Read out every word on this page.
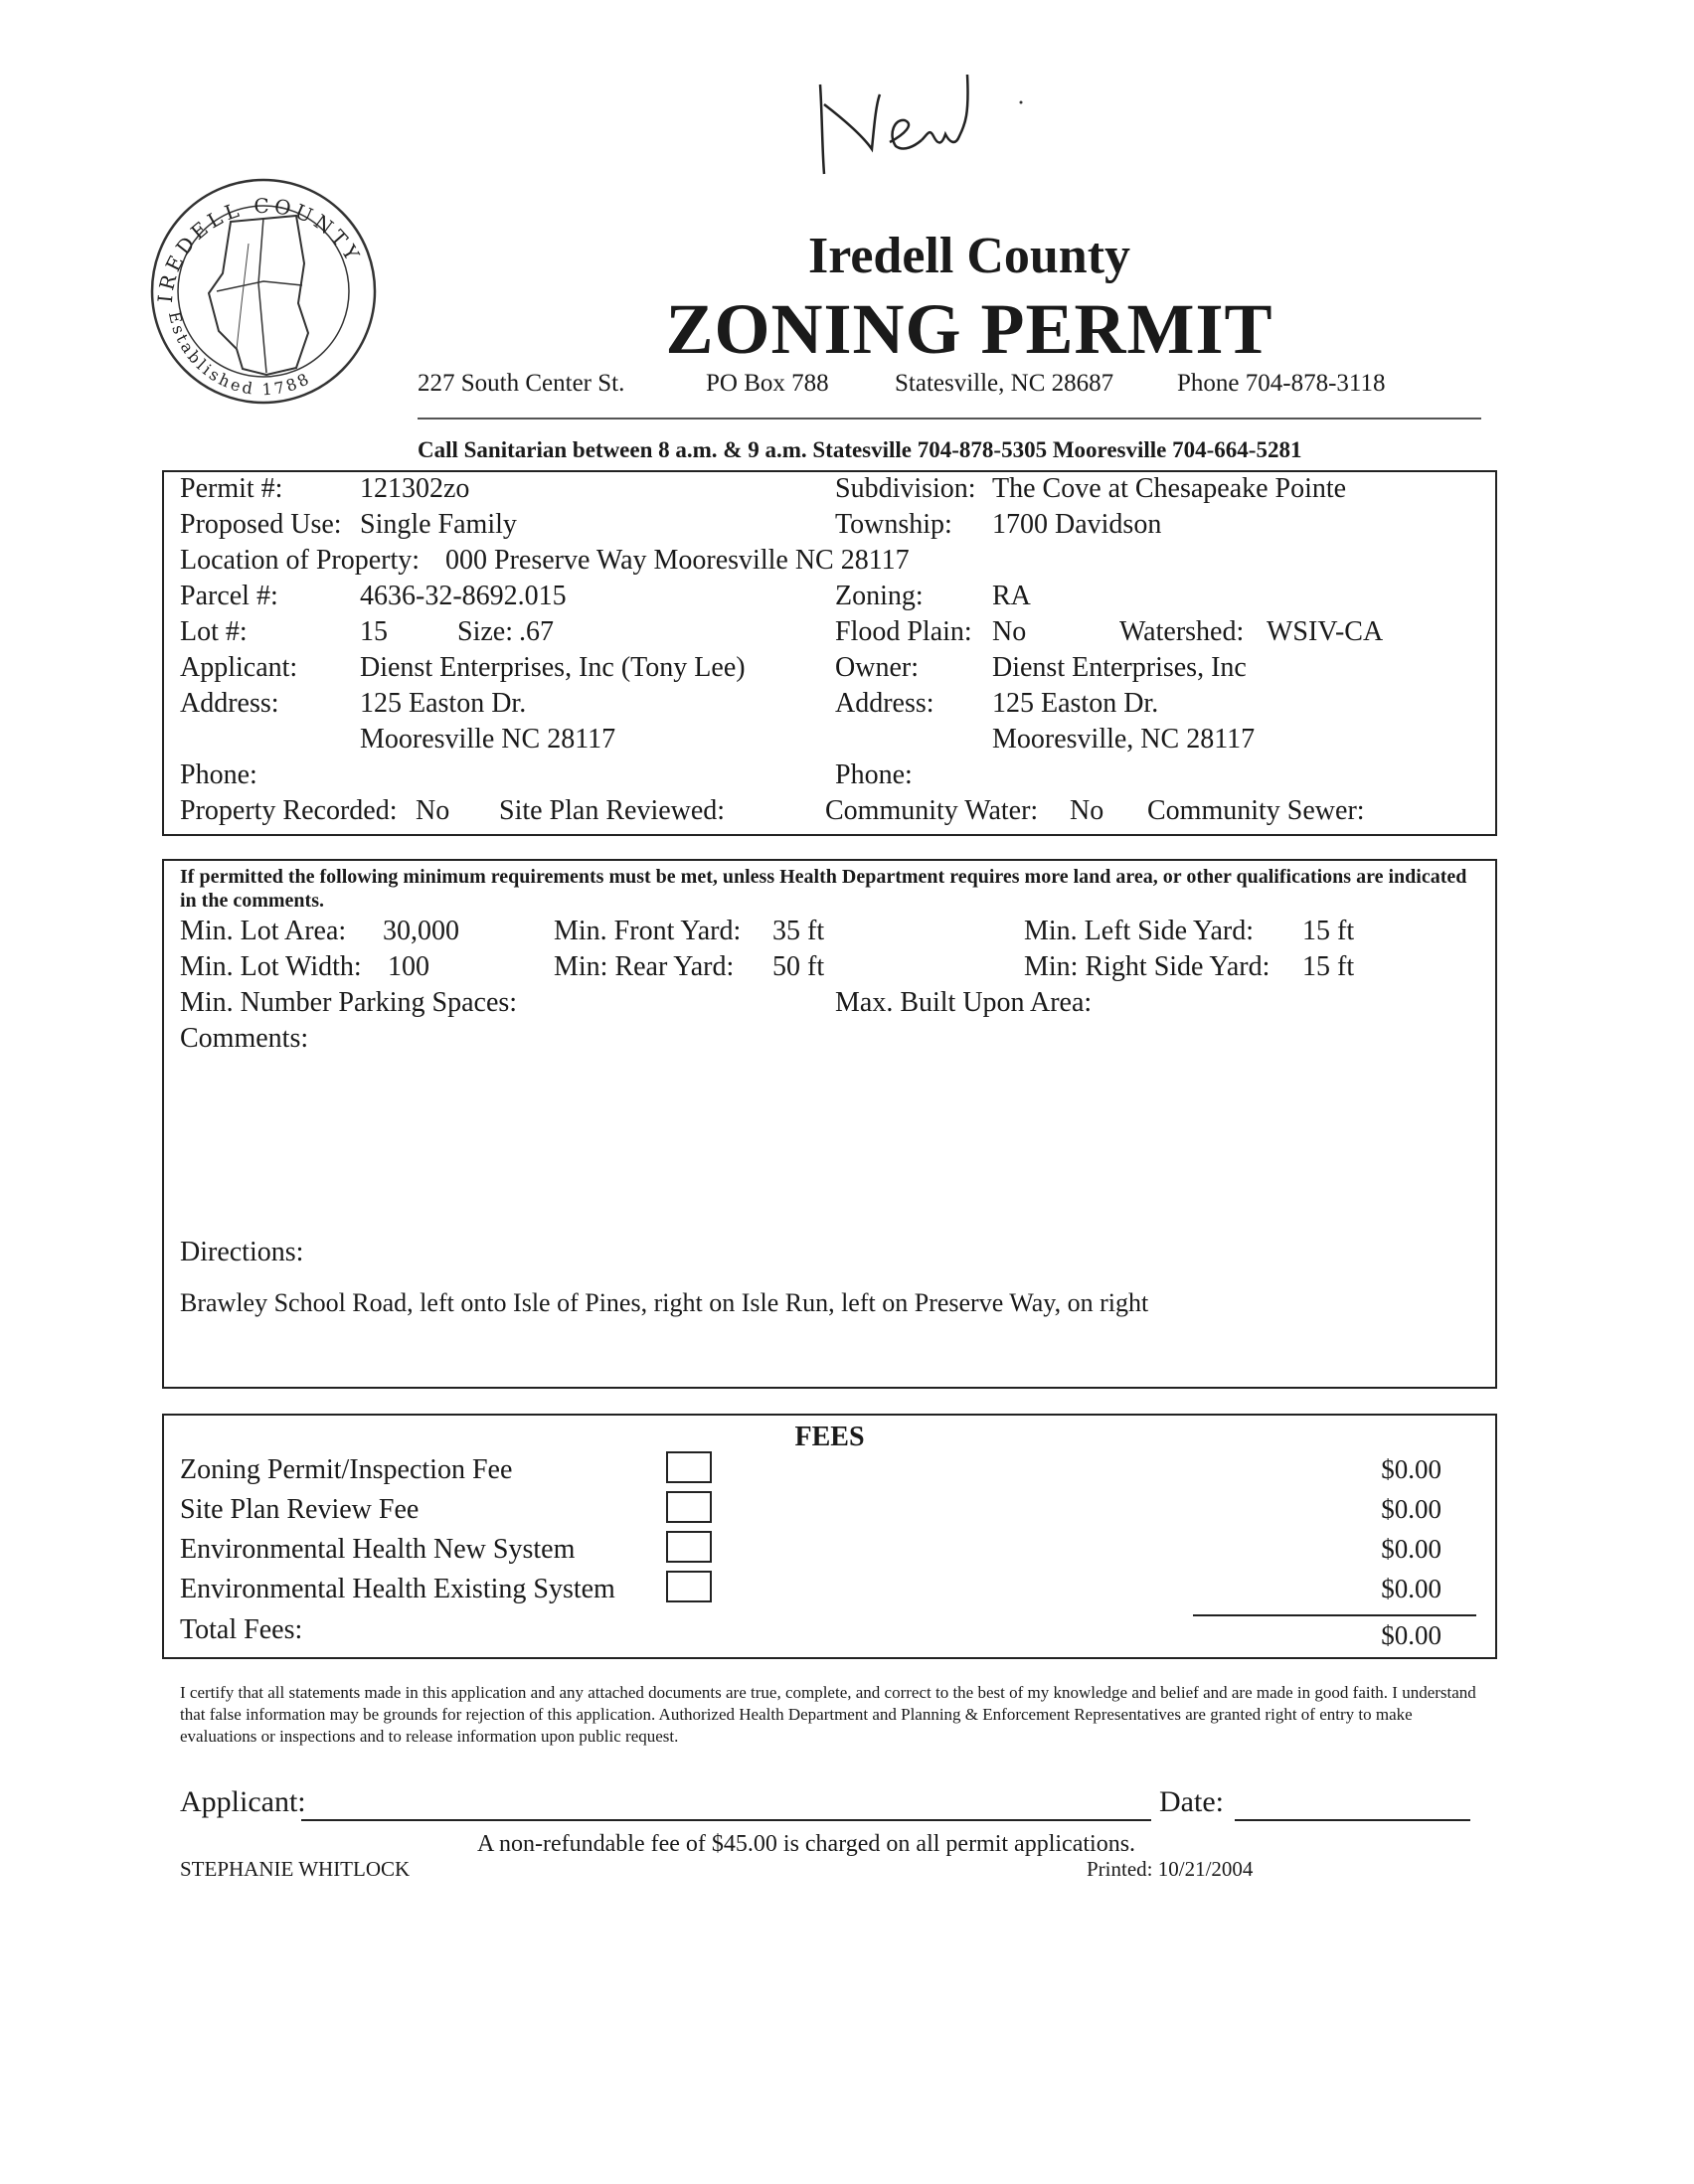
IREDELL COUNTY
Established 1788
Iredell County
ZONING PERMIT
227 South Center St.	PO Box 788	Statesville, NC 28687	Phone 704-878-3118
Call Sanitarian between 8 a.m. & 9 a.m. Statesville 704-878-5305 Mooresville 704-664-5281
Permit #:	121302zo	Subdivision: The Cove at Chesapeake Pointe
Proposed Use: Single Family	Township: 1700 Davidson
Location of Property: 000 Preserve Way Mooresville NC 28117
Parcel #:	4636-32-8692.015	Zoning: RA
Lot #:	15	Size: .67	Flood Plain: No	Watershed: WSIV-CA
Applicant: Dienst Enterprises, Inc (Tony Lee)	Owner:	Dienst Enterprises, Inc
Address:	125 Easton Dr.	Address: 125 Easton Dr.
Mooresville NC 28117	Mooresville, NC 28117
Phone:	Phone:
Property Recorded: No Site Plan Reviewed:	Community Water: No Community Sewer:
If permitted the following minimum requirements must be met, unless Health Department requires more land area, or other qualifications are indicated in the comments.
Min. Lot Area: 30,000	Min. Front Yard: 35 ft	Min. Left Side Yard: 15 ft
Min. Lot Width: 100	Min: Rear Yard: 50 ft	Min: Right Side Yard: 15 ft
Min. Number Parking Spaces:	Max. Built Upon Area:
Comments:
Directions:
Brawley School Road, left onto Isle of Pines, right on Isle Run, left on Preserve Way, on right
FEES
Zoning Permit/Inspection Fee	$0.00
Site Plan Review Fee	$0.00
Environmental Health New System	$0.00
Environmental Health Existing System	$0.00
Total Fees:	$0.00
I certify that all statements made in this application and any attached documents are true, complete, and correct to the best of my knowledge and belief and are made in good faith. I understand that false information may be grounds for rejection of this application. Authorized Health Department and Planning & Enforcement Representatives are granted right of entry to make evaluations or inspections and to release information upon public request.
Applicant:	Date:
A non-refundable fee of $45.00 is charged on all permit applications.
STEPHANIE WHITLOCK	Printed: 10/21/2004
